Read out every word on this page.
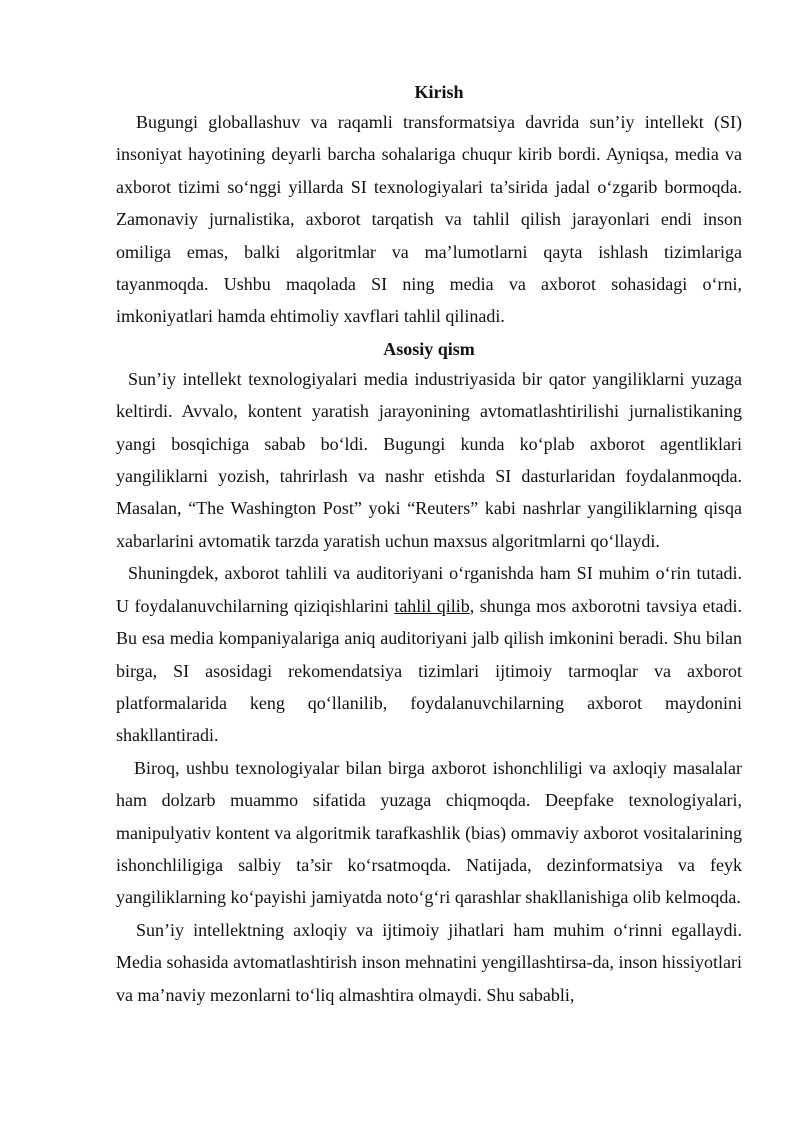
Kirish

Bugungi globallashuv va raqamli transformatsiya davrida sun’iy intellekt (SI) insoniyat hayotining deyarli barcha sohalariga chuqur kirib bordi. Ayniqsa, media va axborot tizimi so‘nggi yillarda SI texnologiyalari ta’sirida jadal o‘zgarib bormoqda. Zamonaviy jurnalistika, axborot tarqatish va tahlil qilish jarayonlari endi inson omiliga emas, balki algoritmlar va ma’lumotlarni qayta ishlash tizimlariga tayanmoqda. Ushbu maqolada SI ning media va axborot sohasidagi o‘rni, imkoniyatlari hamda ehtimoliy xavflari tahlil qilinadi.

Asosiy qism

Sun’iy intellekt texnologiyalari media industriyasida bir qator yangiliklarni yuzaga keltirdi. Avvalo, kontent yaratish jarayonining avtomatlashtirilishi jurnalistikaning yangi bosqichiga sabab bo‘ldi. Bugungi kunda ko‘plab axborot agentliklari yangiliklarni yozish, tahrirlash va nashr etishda SI dasturlaridan foydalanmoqda. Masalan, “The Washington Post” yoki “Reuters” kabi nashrlar yangiliklarning qisqa xabarlarini avtomatik tarzda yaratish uchun maxsus algoritmlarni qo‘llaydi.

Shuningdek, axborot tahlili va auditoriyani o‘rganishda ham SI muhim o‘rin tutadi. U foydalanuvchilarning qiziqishlarini tahlil qilib, shunga mos axborotni tavsiya etadi. Bu esa media kompaniyalariga aniq auditoriyani jalb qilish imkonini beradi. Shu bilan birga, SI asosidagi rekomendatsiya tizimlari ijtimoiy tarmoqlar va axborot platformalarida keng qo‘llanilib, foydalanuvchilarning axborot maydonini shakllantiradi.

Biroq, ushbu texnologiyalar bilan birga axborot ishonchliligi va axloqiy masalalar ham dolzarb muammo sifatida yuzaga chiqmoqda. Deepfake texnologiyalari, manipulyativ kontent va algoritmik tarafkashlik (bias) ommaviy axborot vositalarining ishonchliligiga salbiy ta’sir ko‘rsatmoqda. Natijada, dezinformatsiya va feyk yangiliklarning ko‘payishi jamiyatda noto‘g‘ri qarashlar shakllanishiga olib kelmoqda.

Sun’iy intellektning axloqiy va ijtimoiy jihatlari ham muhim o‘rinni egallaydi. Media sohasida avtomatlashtirish inson mehnatini yengillashtirsa-da, inson hissiyotlari va ma’naviy mezonlarni to‘liq almashtira olmaydi. Shu sababli,
